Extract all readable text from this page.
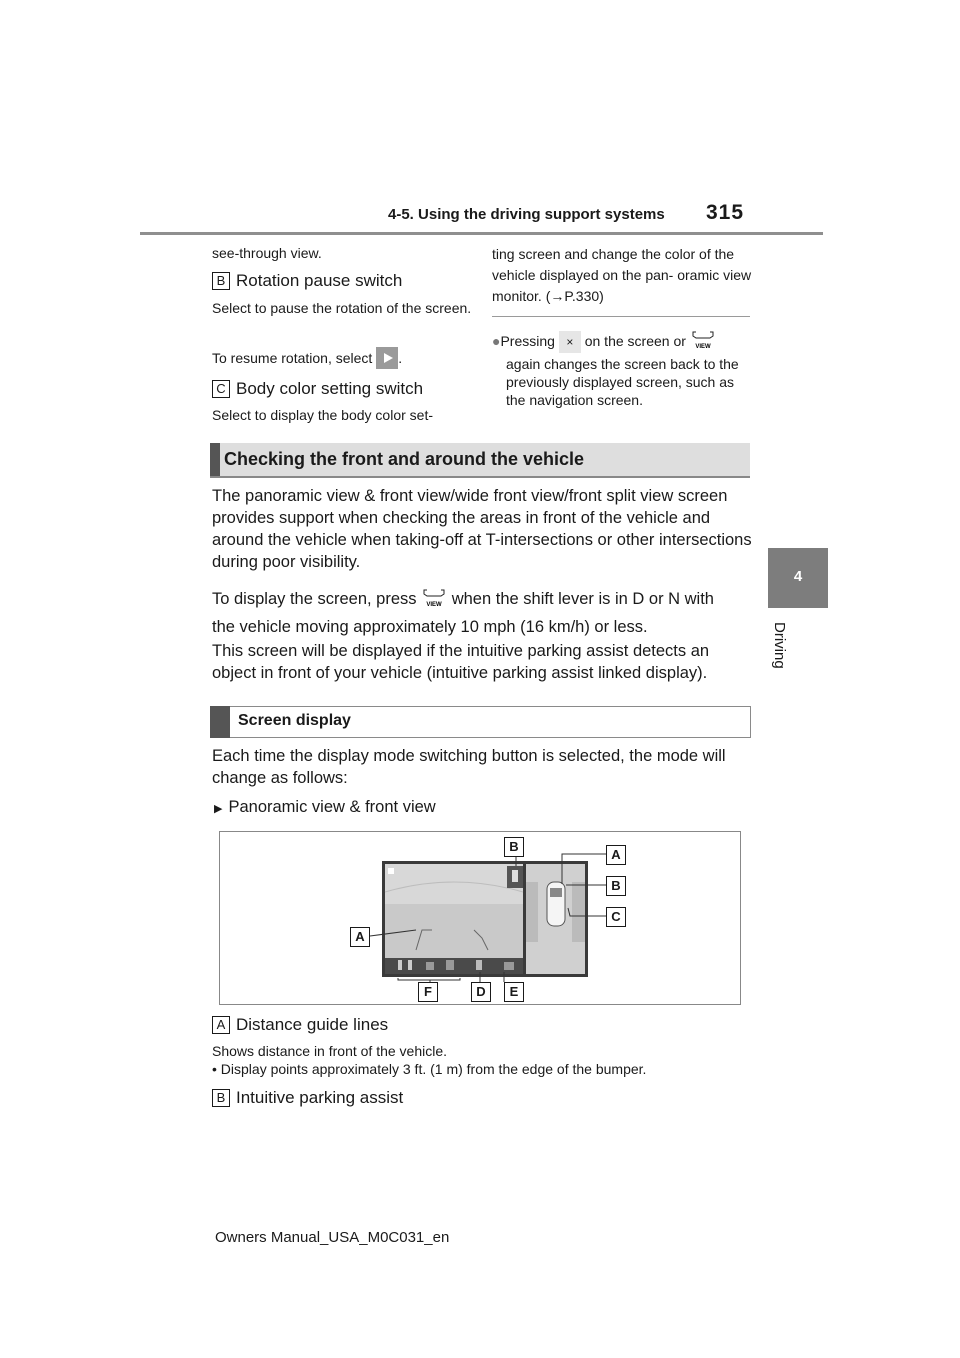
4-5. Using the driving support systems 315
4
Driving
see-through view.
B Rotation pause switch
Select to pause the rotation of the screen.
To resume rotation, select .
C Body color setting switch
Select to display the body color set-
ting screen and change the color of the vehicle displayed on the pan- oramic view monitor. (→P.330)
●Pressing × on the screen or VIEW
again changes the screen back to the previously displayed screen, such as the navigation screen.
Checking the front and around the vehicle
The panoramic view & front view/wide front view/front split view screen provides support when checking the areas in front of the vehicle and around the vehicle when taking-off at T-intersections or other intersections during poor visibility.
To display the screen, press VIEW when the shift lever is in D or N with
the vehicle moving approximately 10 mph (16 km/h) or less.
This screen will be displayed if the intuitive parking assist detects an object in front of your vehicle (intuitive parking assist linked display).
Screen display
Each time the display mode switching button is selected, the mode will change as follows:
▶ Panoramic view & front view
B
A
B
C
A
F	D	E
A Distance guide lines
Shows distance in front of the vehicle.
• Display points approximately 3 ft. (1 m) from the edge of the bumper.
B Intuitive parking assist
Owners Manual_USA_M0C031_en
